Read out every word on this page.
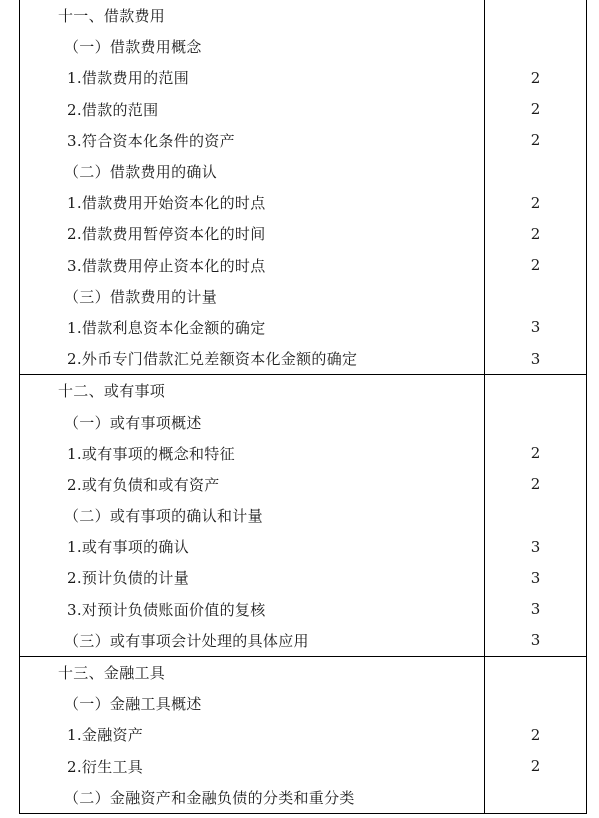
十一、借款费用
（一）借款费用概念
1.借款费用的范围	2
2.借款的范围	2
3.符合资本化条件的资产	2
（二）借款费用的确认
1.借款费用开始资本化的时点	2
2.借款费用暂停资本化的时间	2
3.借款费用停止资本化的时点	2
（三）借款费用的计量
1.借款利息资本化金额的确定	3
2.外币专门借款汇兑差额资本化金额的确定	3
十二、或有事项
（一）或有事项概述
1.或有事项的概念和特征	2
2.或有负债和或有资产	2
（二）或有事项的确认和计量
1.或有事项的确认	3
2.预计负债的计量	3
3.对预计负债账面价值的复核	3
（三）或有事项会计处理的具体应用	3
十三、金融工具
（一）金融工具概述
1.金融资产	2
2.衍生工具	2
（二）金融资产和金融负债的分类和重分类
